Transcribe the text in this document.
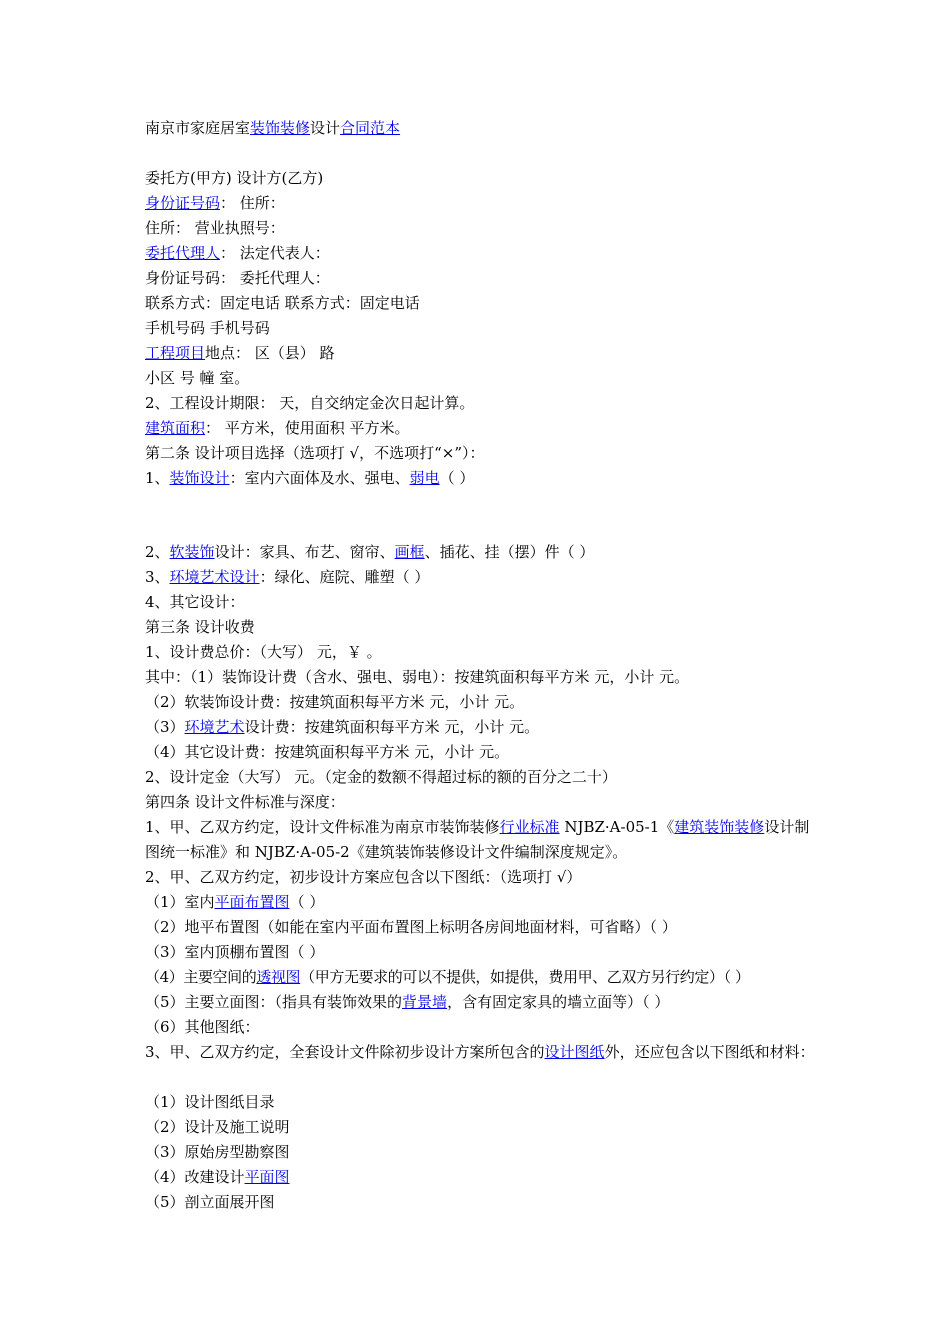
南京市家庭居室装饰装修设计合同范本
委托方(甲方) 设计方(乙方)
身份证号码： 住所：
住所： 营业执照号：
委托代理人： 法定代表人：
身份证号码： 委托代理人：
联系方式：固定电话 联系方式：固定电话
手机号码 手机号码
工程项目地点： 区（县） 路
小区 号 幢 室。
2、工程设计期限： 天，自交纳定金次日起计算。
建筑面积： 平方米，使用面积 平方米。
第二条 设计项目选择（选项打 √，不选项打“×”）：
1、装饰设计：室内六面体及水、强电、弱电（ ）
2、软装饰设计：家具、布艺、窗帘、画框、插花、挂（摆）件（ ）
3、环境艺术设计：绿化、庭院、雕塑（ ）
4、其它设计：
第三条 设计收费
1、设计费总价：（大写） 元，￥ 。
其中：（1）装饰设计费（含水、强电、弱电）：按建筑面积每平方米 元，小计 元。
（2）软装饰设计费：按建筑面积每平方米 元，小计 元。
（3）环境艺术设计费：按建筑面积每平方米 元，小计 元。
（4）其它设计费：按建筑面积每平方米 元，小计 元。
2、设计定金（大写） 元。（定金的数额不得超过标的额的百分之二十）
第四条 设计文件标准与深度：
1、甲、乙双方约定，设计文件标准为南京市装饰装修行业标准 NJBZ·A-05-1《建筑装饰装修设计制图统一标准》和 NJBZ·A-05-2《建筑装饰装修设计文件编制深度规定》。
2、甲、乙双方约定，初步设计方案应包含以下图纸：（选项打 √）
（1）室内平面布置图（ ）
（2）地平布置图（如能在室内平面布置图上标明各房间地面材料，可省略）（ ）
（3）室内顶棚布置图（ ）
（4）主要空间的透视图（甲方无要求的可以不提供，如提供，费用甲、乙双方另行约定）（ ）
（5）主要立面图：（指具有装饰效果的背景墙，含有固定家具的墙立面等）（ ）
（6）其他图纸：
3、甲、乙双方约定，全套设计文件除初步设计方案所包含的设计图纸外，还应包含以下图纸和材料：
（1）设计图纸目录
（2）设计及施工说明
（3）原始房型勘察图
（4）改建设计平面图
（5）剖立面展开图
